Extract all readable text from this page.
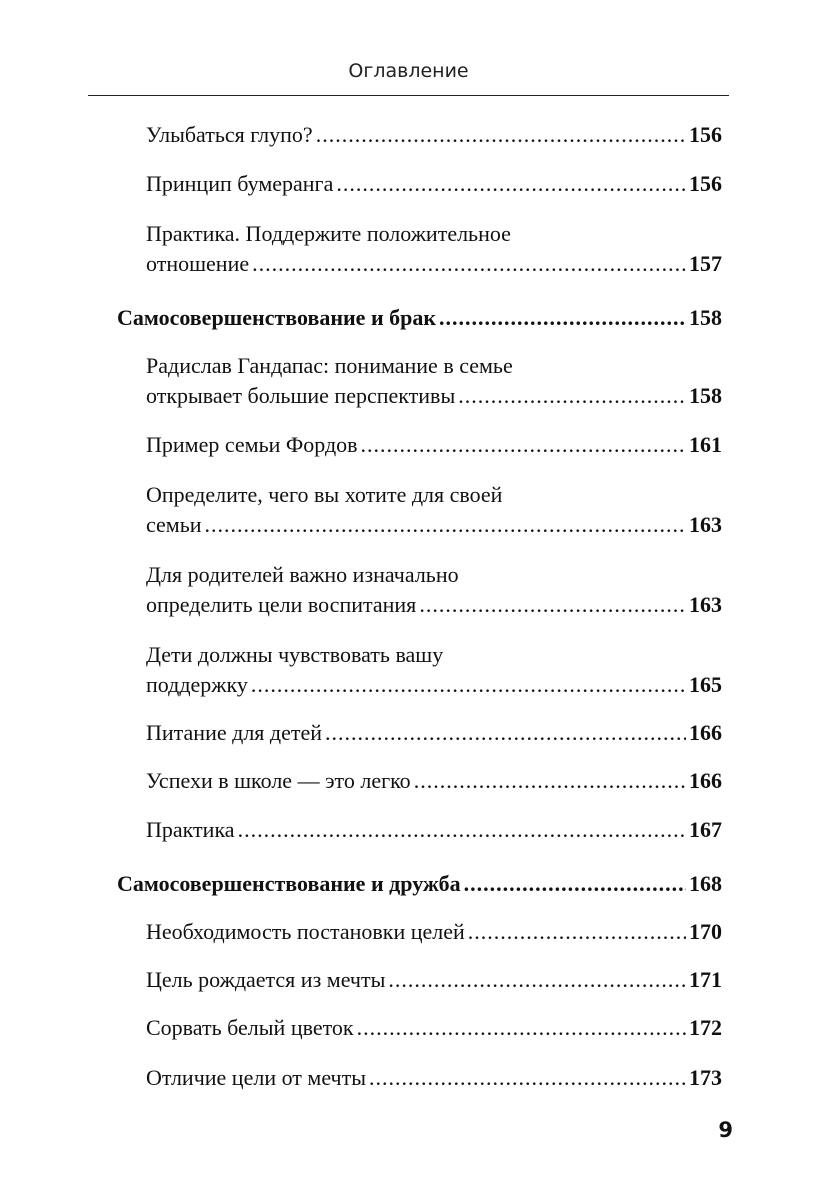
Оглавление
Улыбаться глупо? .....	156
Принцип бумеранга .....	156
Практика. Поддержите положительное
отношение .....	157
Самосовершенствование и брак .....	158
Радислав Гандапас: понимание в семье
открывает большие перспективы .....	158
Пример семьи Фордов .....	161
Определите, чего вы хотите для своей
семьи .....	163
Для родителей важно изначально
определить цели воспитания .....	163
Дети должны чувствовать вашу
поддержку .....	165
Питание для детей .....	166
Успехи в школе — это легко .....	166
Практика .....	167
Самосовершенствование и дружба .....	168
Необходимость постановки целей .....	170
Цель рождается из мечты .....	171
Сорвать белый цветок .....	172
Отличие цели от мечты .....	173
9
